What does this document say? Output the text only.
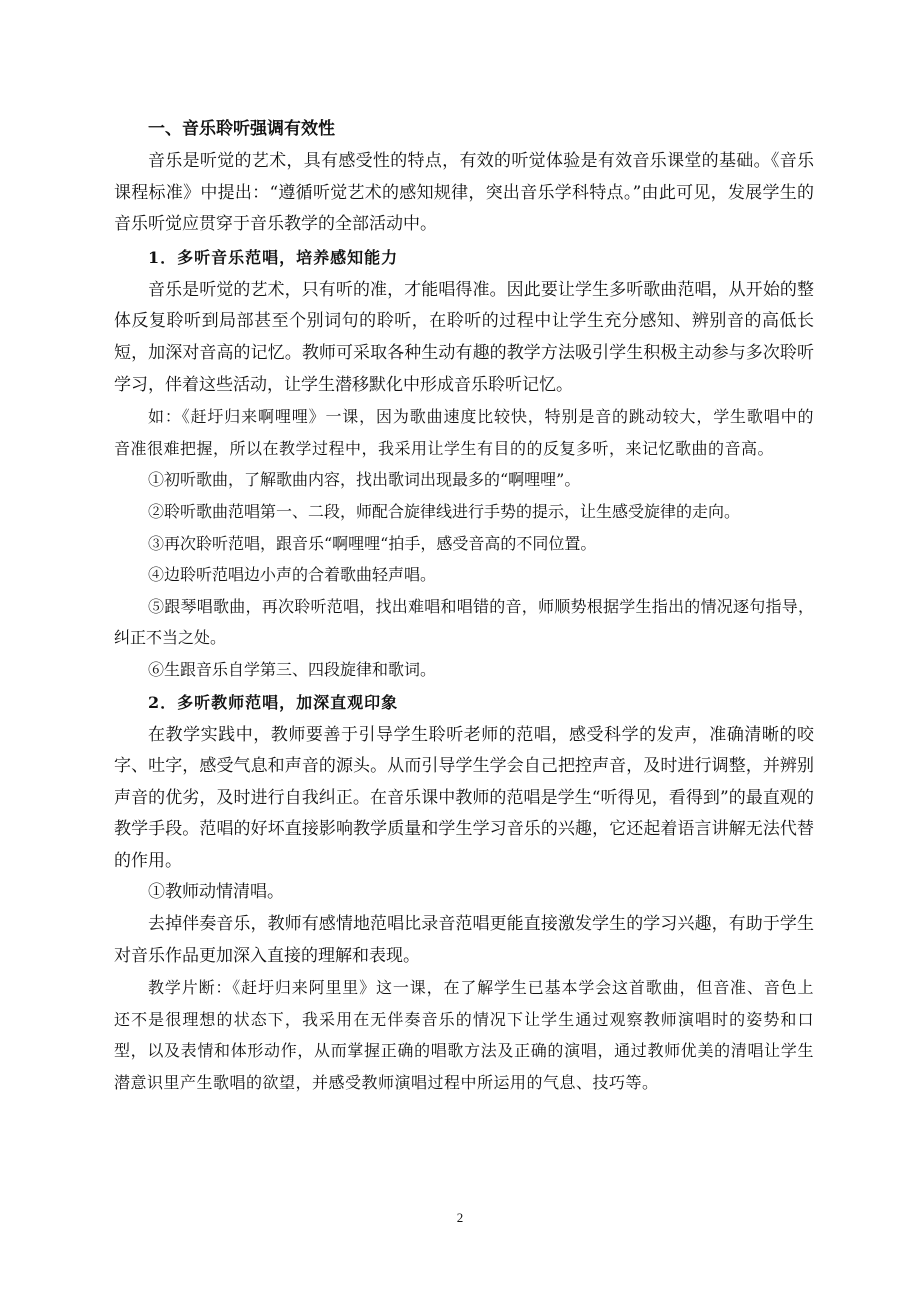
一、音乐聆听强调有效性

音乐是听觉的艺术，具有感受性的特点，有效的听觉体验是有效音乐课堂的基础。《音乐课程标准》中提出：“遵循听觉艺术的感知规律，突出音乐学科特点。”由此可见，发展学生的音乐听觉应贯穿于音乐教学的全部活动中。

1．多听音乐范唱，培养感知能力

音乐是听觉的艺术，只有听的准，才能唱得准。因此要让学生多听歌曲范唱，从开始的整体反复聆听到局部甚至个别词句的聆听，在聆听的过程中让学生充分感知、辨别音的高低长短，加深对音高的记忆。教师可采取各种生动有趣的教学方法吸引学生积极主动参与多次聆听学习，伴着这些活动，让学生潜移默化中形成音乐聆听记忆。

如：《赶圩归来啊哩哩》一课，因为歌曲速度比较快，特别是音的跳动较大，学生歌唱中的音准很难把握，所以在教学过程中，我采用让学生有目的的反复多听，来记忆歌曲的音高。

①初听歌曲，了解歌曲内容，找出歌词出现最多的“啊哩哩”。

②聆听歌曲范唱第一、二段，师配合旋律线进行手势的提示，让生感受旋律的走向。

③再次聆听范唱，跟音乐“啊哩哩“拍手，感受音高的不同位置。

④边聆听范唱边小声的合着歌曲轻声唱。

⑤跟琴唱歌曲，再次聆听范唱，找出难唱和唱错的音，师顺势根据学生指出的情况逐句指导，纠正不当之处。

⑥生跟音乐自学第三、四段旋律和歌词。

2．多听教师范唱，加深直观印象

在教学实践中，教师要善于引导学生聆听老师的范唱，感受科学的发声，准确清晰的咬字、吐字，感受气息和声音的源头。从而引导学生学会自己把控声音，及时进行调整，并辨别声音的优劣，及时进行自我纠正。在音乐课中教师的范唱是学生“听得见，看得到”的最直观的教学手段。范唱的好坏直接影响教学质量和学生学习音乐的兴趣，它还起着语言讲解无法代替的作用。

①教师动情清唱。

去掉伴奏音乐，教师有感情地范唱比录音范唱更能直接激发学生的学习兴趣，有助于学生对音乐作品更加深入直接的理解和表现。

教学片断：《赶圩归来阿里里》这一课，在了解学生已基本学会这首歌曲，但音准、音色上还不是很理想的状态下，我采用在无伴奏音乐的情况下让学生通过观察教师演唱时的姿势和口型，以及表情和体形动作，从而掌握正确的唱歌方法及正确的演唱，通过教师优美的清唱让学生潜意识里产生歌唱的欲望，并感受教师演唱过程中所运用的气息、技巧等。

2
